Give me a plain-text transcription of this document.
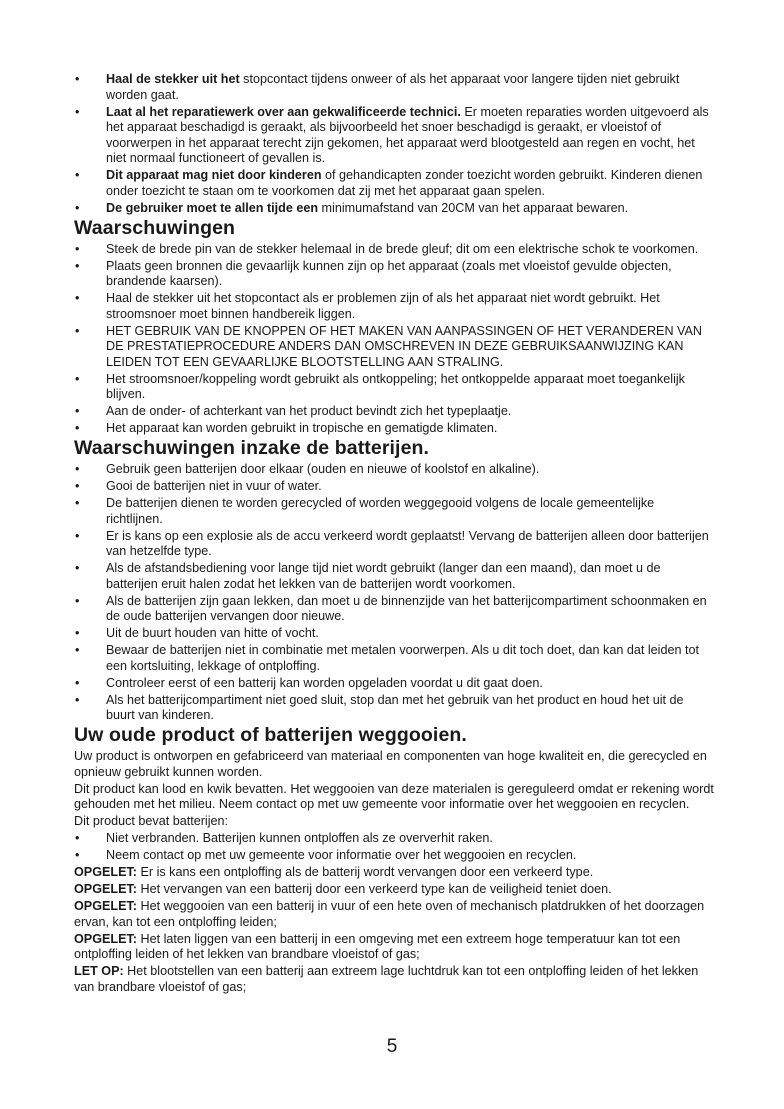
• Haal de stekker uit het stopcontact tijdens onweer of als het apparaat voor langere tijden niet gebruikt worden gaat.
• Laat al het reparatiewerk over aan gekwalificeerde technici. Er moeten reparaties worden uitgevoerd als het apparaat beschadigd is geraakt, als bijvoorbeeld het snoer beschadigd is geraakt, er vloeistof of voorwerpen in het apparaat terecht zijn gekomen, het apparaat werd blootgesteld aan regen en vocht, het niet normaal functioneert of gevallen is.
• Dit apparaat mag niet door kinderen of gehandicapten zonder toezicht worden gebruikt. Kinderen dienen onder toezicht te staan om te voorkomen dat zij met het apparaat gaan spelen.
• De gebruiker moet te allen tijde een minimumafstand van 20CM van het apparaat bewaren.
Waarschuwingen
• Steek de brede pin van de stekker helemaal in de brede gleuf; dit om een elektrische schok te voorkomen.
• Plaats geen bronnen die gevaarlijk kunnen zijn op het apparaat (zoals met vloeistof gevulde objecten, brandende kaarsen).
• Haal de stekker uit het stopcontact als er problemen zijn of als het apparaat niet wordt gebruikt. Het stroomsnoer moet binnen handbereik liggen.
• HET GEBRUIK VAN DE KNOPPEN OF HET MAKEN VAN AANPASSINGEN OF HET VERANDEREN VAN DE PRESTATIEPROCEDURE ANDERS DAN OMSCHREVEN IN DEZE GEBRUIKSAANWIJZING KAN LEIDEN TOT EEN GEVAARLIJKE BLOOTSTELLING AAN STRALING.
• Het stroomsnoer/koppeling wordt gebruikt als ontkoppeling; het ontkoppelde apparaat moet toegankelijk blijven.
• Aan de onder- of achterkant van het product bevindt zich het typeplaatje.
• Het apparaat kan worden gebruikt in tropische en gematigde klimaten.
Waarschuwingen inzake de batterijen.
• Gebruik geen batterijen door elkaar (ouden en nieuwe of koolstof en alkaline).
• Gooi de batterijen niet in vuur of water.
• De batterijen dienen te worden gerecycled of worden weggegooid volgens de locale gemeentelijke richtlijnen.
• Er is kans op een explosie als de accu verkeerd wordt geplaatst! Vervang de batterijen alleen door batterijen van hetzelfde type.
• Als de afstandsbediening voor lange tijd niet wordt gebruikt (langer dan een maand), dan moet u de batterijen eruit halen zodat het lekken van de batterijen wordt voorkomen.
• Als de batterijen zijn gaan lekken, dan moet u de binnenzijde van het batterijcompartiment schoonmaken en de oude batterijen vervangen door nieuwe.
• Uit de buurt houden van hitte of vocht.
• Bewaar de batterijen niet in combinatie met metalen voorwerpen. Als u dit toch doet, dan kan dat leiden tot een kortsluiting, lekkage of ontploffing.
• Controleer eerst of een batterij kan worden opgeladen voordat u dit gaat doen.
• Als het batterijcompartiment niet goed sluit, stop dan met het gebruik van het product en houd het uit de buurt van kinderen.
Uw oude product of batterijen weggooien.

Uw product is ontworpen en gefabriceerd van materiaal en componenten van hoge kwaliteit en, die gerecycled en opnieuw gebruikt kunnen worden.

Dit product kan lood en kwik bevatten. Het weggooien van deze materialen is gereguleerd omdat er rekening wordt gehouden met het milieu. Neem contact op met uw gemeente voor informatie over het weggooien en recyclen.

Dit product bevat batterijen:

• Niet verbranden. Batterijen kunnen ontploffen als ze oververhit raken.
• Neem contact op met uw gemeente voor informatie over het weggooien en recyclen.

OPGELET: Er is kans een ontploffing als de batterij wordt vervangen door een verkeerd type.

OPGELET: Het vervangen van een batterij door een verkeerd type kan de veiligheid teniet doen.

OPGELET: Het weggooien van een batterij in vuur of een hete oven of mechanisch platdrukken of het doorzagen ervan, kan tot een ontploffing leiden;

OPGELET: Het laten liggen van een batterij in een omgeving met een extreem hoge temperatuur kan tot een ontploffing leiden of het lekken van brandbare vloeistof of gas;

LET OP: Het blootstellen van een batterij aan extreem lage luchtdruk kan tot een ontploffing leiden of het lekken van brandbare vloeistof of gas;

5
